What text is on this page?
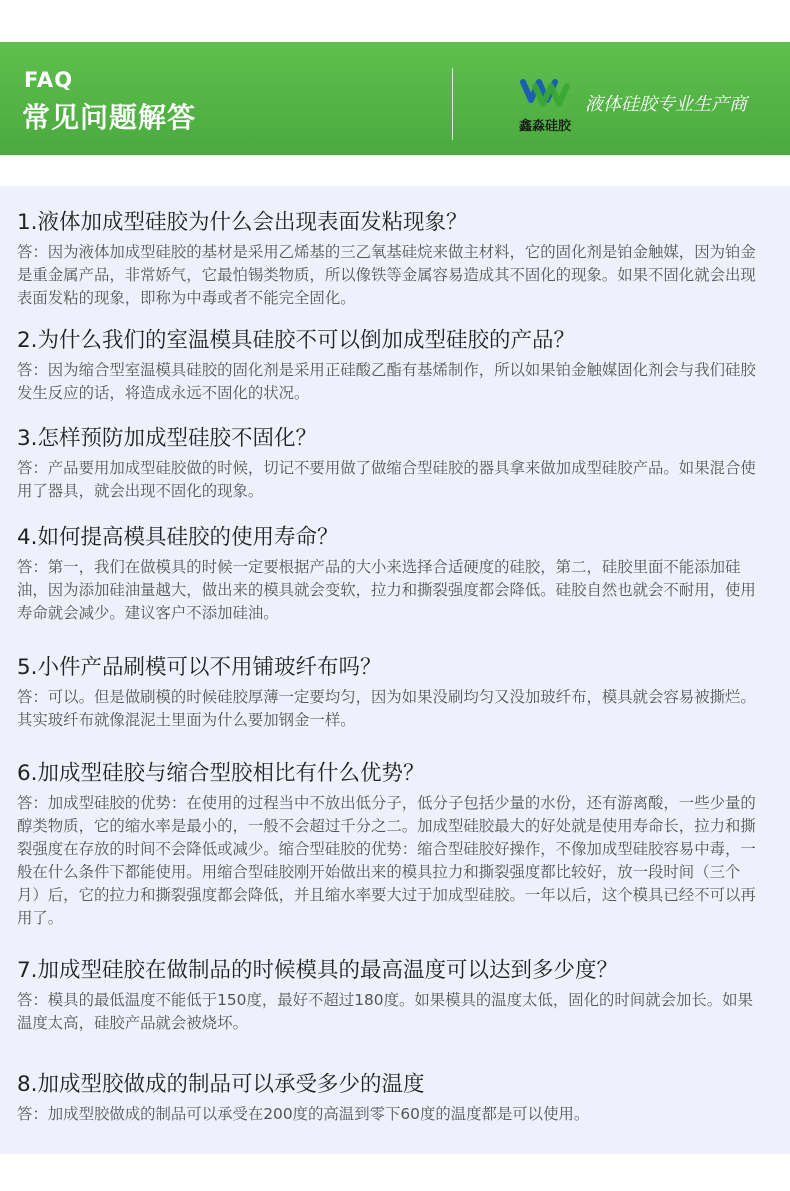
FAQ
常见问题解答	鑫淼硅胶
液体硅胶专业生产商
1.液体加成型硅胶为什么会出现表面发粘现象？
答：因为液体加成型硅胶的基材是采用乙烯基的三乙氧基硅烷来做主材料，它的固化剂是铂金触媒，因为铂金是重金属产品，非常娇气，它最怕锡类物质，所以像铁等金属容易造成其不固化的现象。如果不固化就会出现表面发粘的现象，即称为中毒或者不能完全固化。
2.为什么我们的室温模具硅胶不可以倒加成型硅胶的产品？
答：因为缩合型室温模具硅胶的固化剂是采用正硅酸乙酯有基烯制作，所以如果铂金触媒固化剂会与我们硅胶发生反应的话，将造成永远不固化的状况。
3.怎样预防加成型硅胶不固化？
答：产品要用加成型硅胶做的时候，切记不要用做了做缩合型硅胶的器具拿来做加成型硅胶产品。如果混合使用了器具，就会出现不固化的现象。
4.如何提高模具硅胶的使用寿命？
答：第一，我们在做模具的时候一定要根据产品的大小来选择合适硬度的硅胶，第二，硅胶里面不能添加硅油，因为添加硅油量越大，做出来的模具就会变软，拉力和撕裂强度都会降低。硅胶自然也就会不耐用，使用寿命就会减少。建议客户不添加硅油。
5.小件产品刷模可以不用铺玻纤布吗？
答：可以。但是做刷模的时候硅胶厚薄一定要均匀，因为如果没刷均匀又没加玻纤布，模具就会容易被撕烂。其实玻纤布就像混泥土里面为什么要加钢金一样。
6.加成型硅胶与缩合型胶相比有什么优势？
答：加成型硅胶的优势：在使用的过程当中不放出低分子，低分子包括少量的水份，还有游离酸，一些少量的醇类物质，它的缩水率是最小的，一般不会超过千分之二。加成型硅胶最大的好处就是使用寿命长，拉力和撕裂强度在存放的时间不会降低或减少。缩合型硅胶的优势：缩合型硅胶好操作，不像加成型硅胶容易中毒，一般在什么条件下都能使用。用缩合型硅胶刚开始做出来的模具拉力和撕裂强度都比较好，放一段时间（三个月）后，它的拉力和撕裂强度都会降低，并且缩水率要大过于加成型硅胶。一年以后，这个模具已经不可以再用了。
7.加成型硅胶在做制品的时候模具的最高温度可以达到多少度？
答：模具的最低温度不能低于150度，最好不超过180度。如果模具的温度太低，固化的时间就会加长。如果温度太高，硅胶产品就会被烧坏。
8.加成型胶做成的制品可以承受多少的温度
答：加成型胶做成的制品可以承受在200度的高温到零下60度的温度都是可以使用。
